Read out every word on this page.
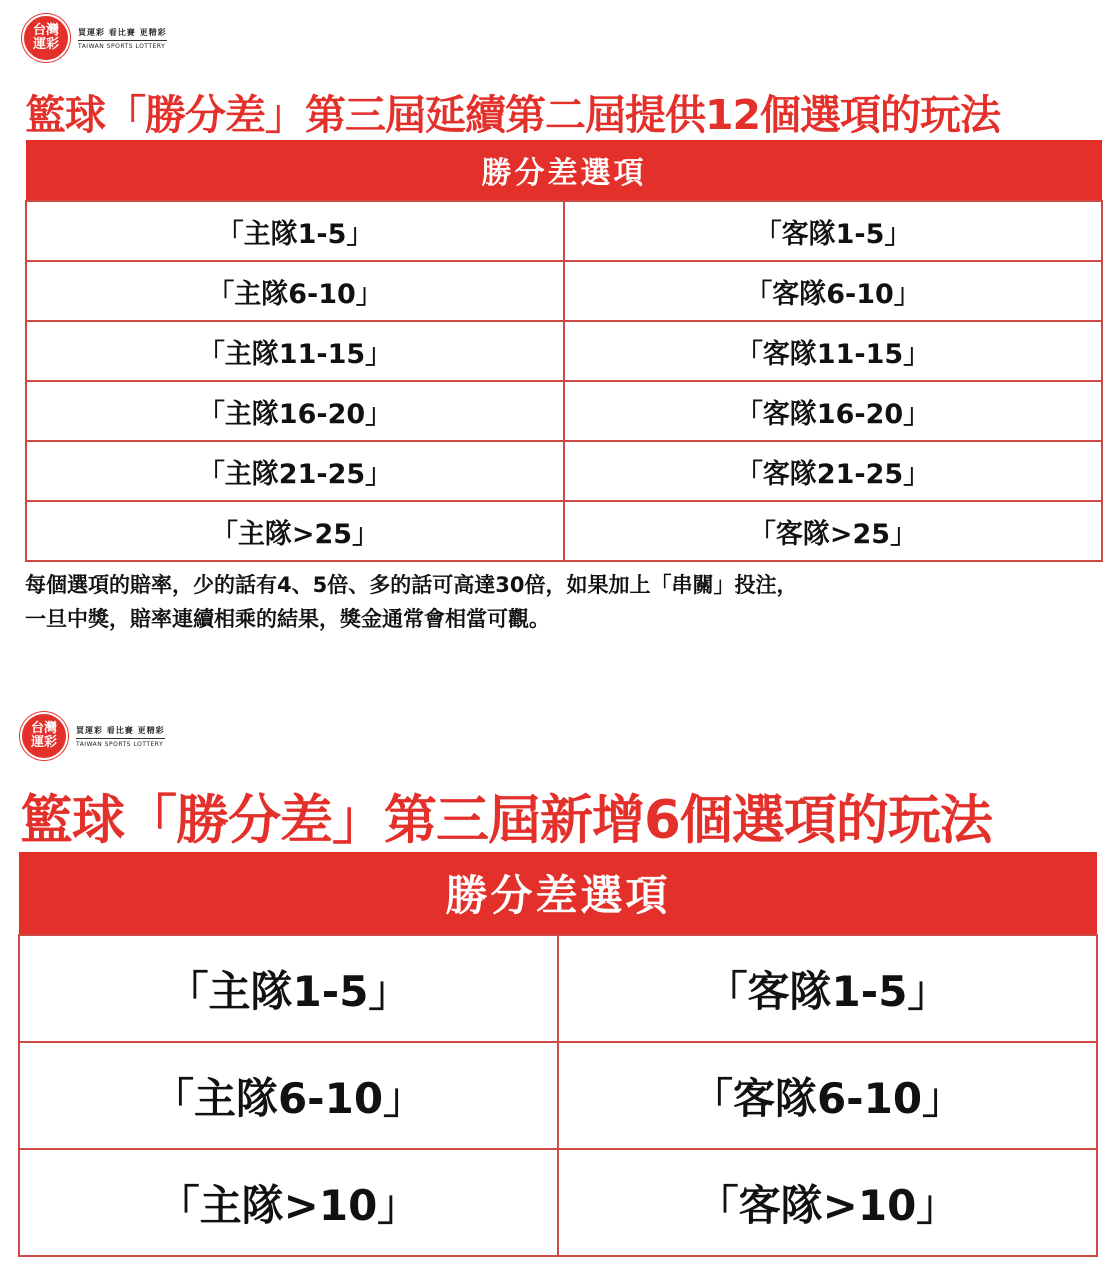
台灣
運彩
買運彩 看比賽 更精彩
TAIWAN SPORTS LOTTERY
籃球「勝分差」第三屆延續第二屆提供12個選項的玩法
勝分差選項	
「主隊1-5」	「客隊1-5」
「主隊6-10」	「客隊6-10」
「主隊11-15」	「客隊11-15」
「主隊16-20」	「客隊16-20」
「主隊21-25」	「客隊21-25」
「主隊>25」	「客隊>25」
每個選項的賠率，少的話有4、5倍、多的話可高達30倍，如果加上「串關」投注，
一旦中獎，賠率連續相乘的結果，獎金通常會相當可觀。
台灣
運彩
買運彩 看比賽 更精彩
TAIWAN SPORTS LOTTERY
籃球「勝分差」第三屆新增6個選項的玩法
勝分差選項	
「主隊1-5」	「客隊1-5」
「主隊6-10」	「客隊6-10」
「主隊>10」	「客隊>10」
